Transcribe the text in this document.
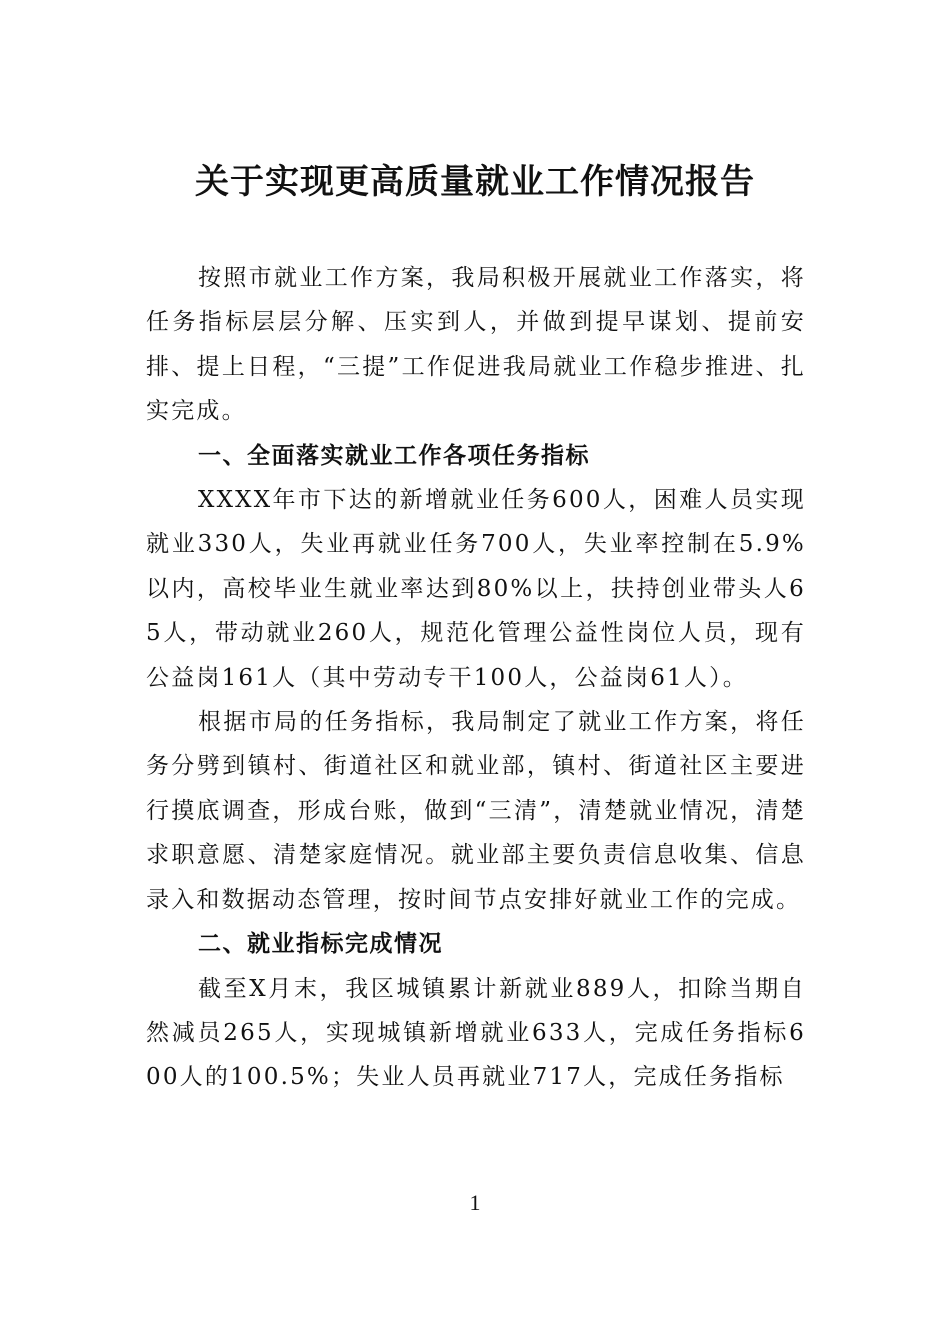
关于实现更高质量就业工作情况报告

按照市就业工作方案，我局积极开展就业工作落实，将任务指标层层分解、压实到人，并做到提早谋划、提前安排、提上日程，“三提”工作促进我局就业工作稳步推进、扎实完成。

一、全面落实就业工作各项任务指标

XXXX年市下达的新增就业任务600人，困难人员实现就业330人，失业再就业任务700人，失业率控制在5.9%以内，高校毕业生就业率达到80%以上，扶持创业带头人65人，带动就业260人，规范化管理公益性岗位人员，现有公益岗161人（其中劳动专干100人，公益岗61人）。

根据市局的任务指标，我局制定了就业工作方案，将任务分劈到镇村、街道社区和就业部，镇村、街道社区主要进行摸底调查，形成台账，做到“三清”，清楚就业情况，清楚求职意愿、清楚家庭情况。就业部主要负责信息收集、信息录入和数据动态管理，按时间节点安排好就业工作的完成。

二、就业指标完成情况

截至X月末，我区城镇累计新就业889人，扣除当期自然减员265人，实现城镇新增就业633人，完成任务指标600人的100.5%；失业人员再就业717人，完成任务指标

1
